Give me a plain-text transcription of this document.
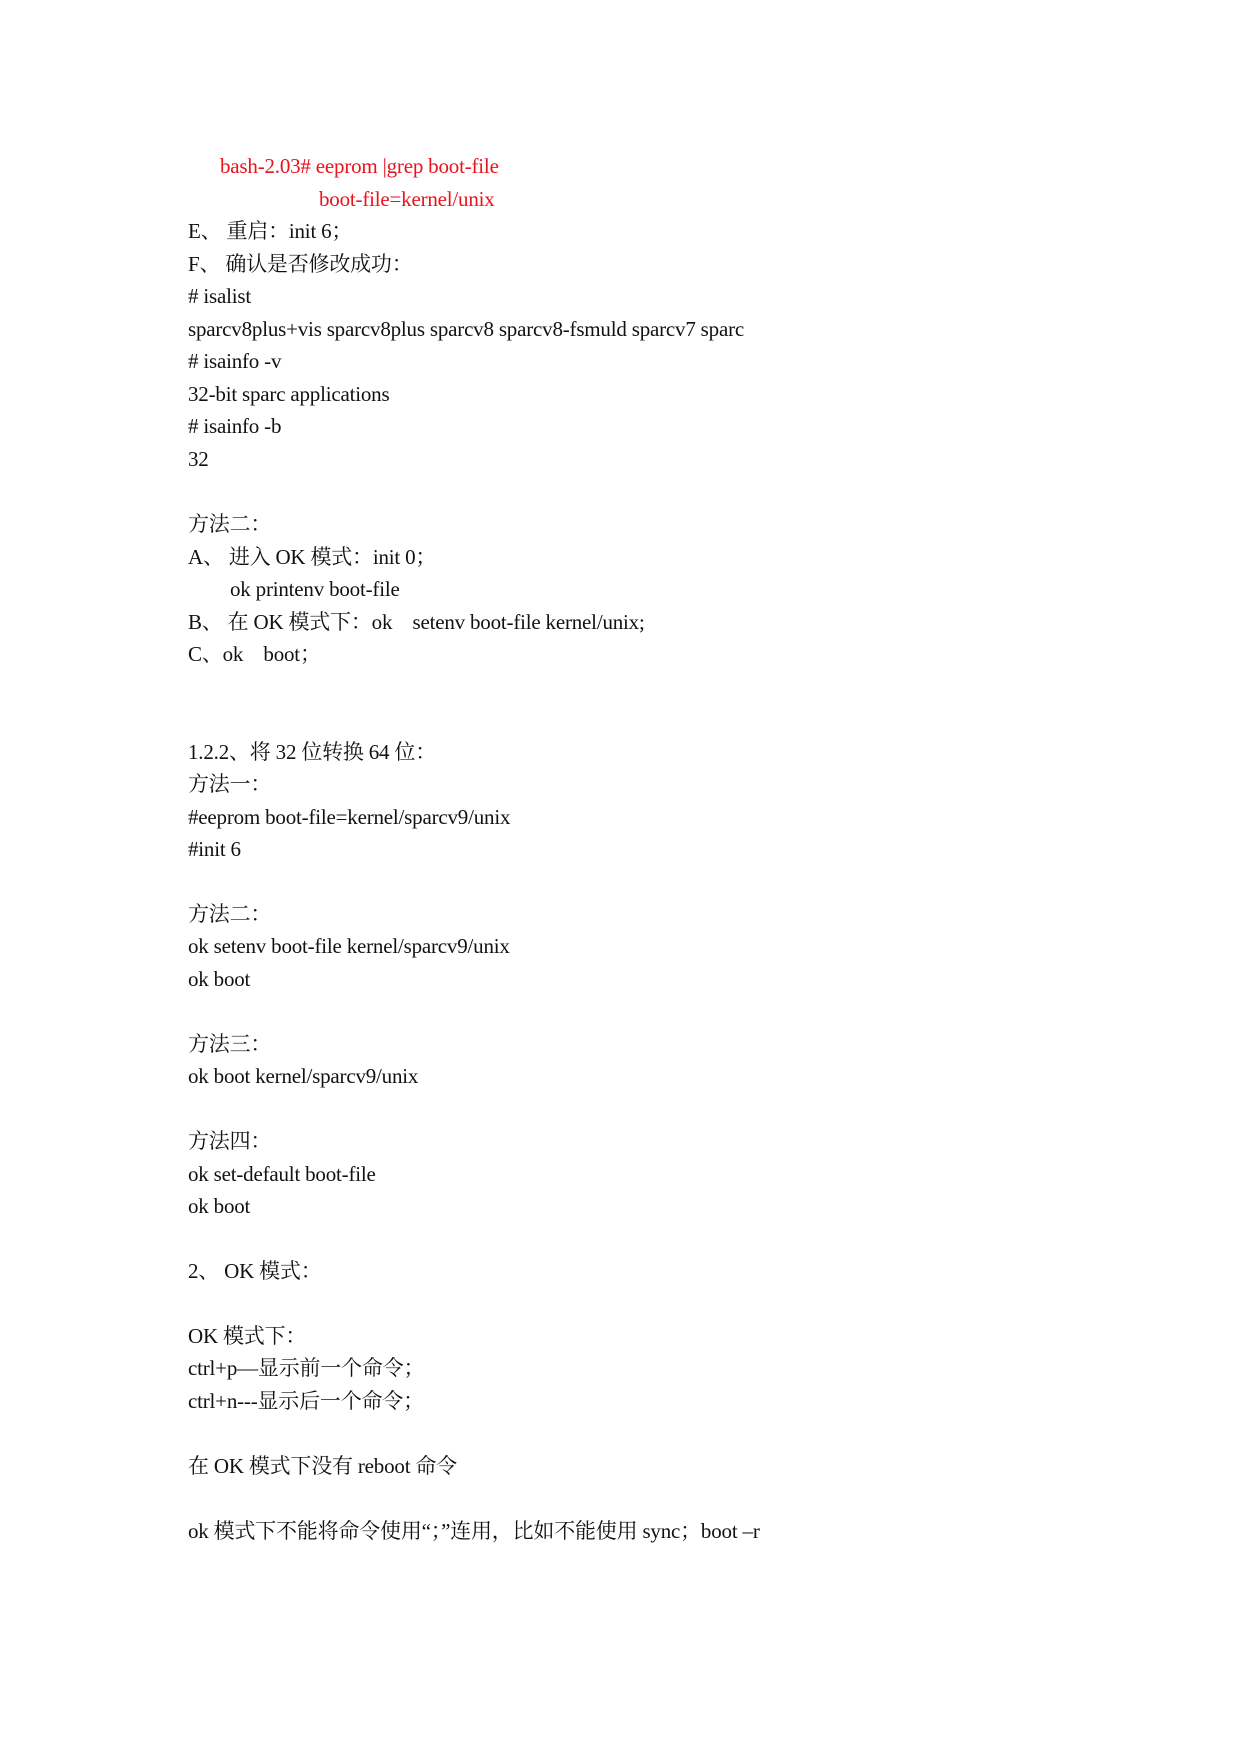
bash-2.03# eeprom |grep boot-file
boot-file=kernel/unix
E、 重启：init 6；
F、 确认是否修改成功：
# isalist
sparcv8plus+vis sparcv8plus sparcv8 sparcv8-fsmuld sparcv7 sparc
# isainfo -v
32-bit sparc applications
# isainfo -b
32
方法二：
A、 进入 OK 模式：init 0；
ok printenv boot-file
B、 在 OK 模式下：ok    setenv boot-file kernel/unix;
C、ok    boot；
1.2.2、将 32 位转换 64 位：
方法一：
#eeprom boot-file=kernel/sparcv9/unix
#init 6
方法二：
ok setenv boot-file kernel/sparcv9/unix
ok boot
方法三：
ok boot kernel/sparcv9/unix
方法四：
ok set-default boot-file
ok boot
2、 OK 模式：
OK 模式下：
ctrl+p—显示前一个命令；
ctrl+n---显示后一个命令；
在 OK 模式下没有 reboot 命令
ok 模式下不能将命令使用“；”连用，比如不能使用 sync；boot –r
